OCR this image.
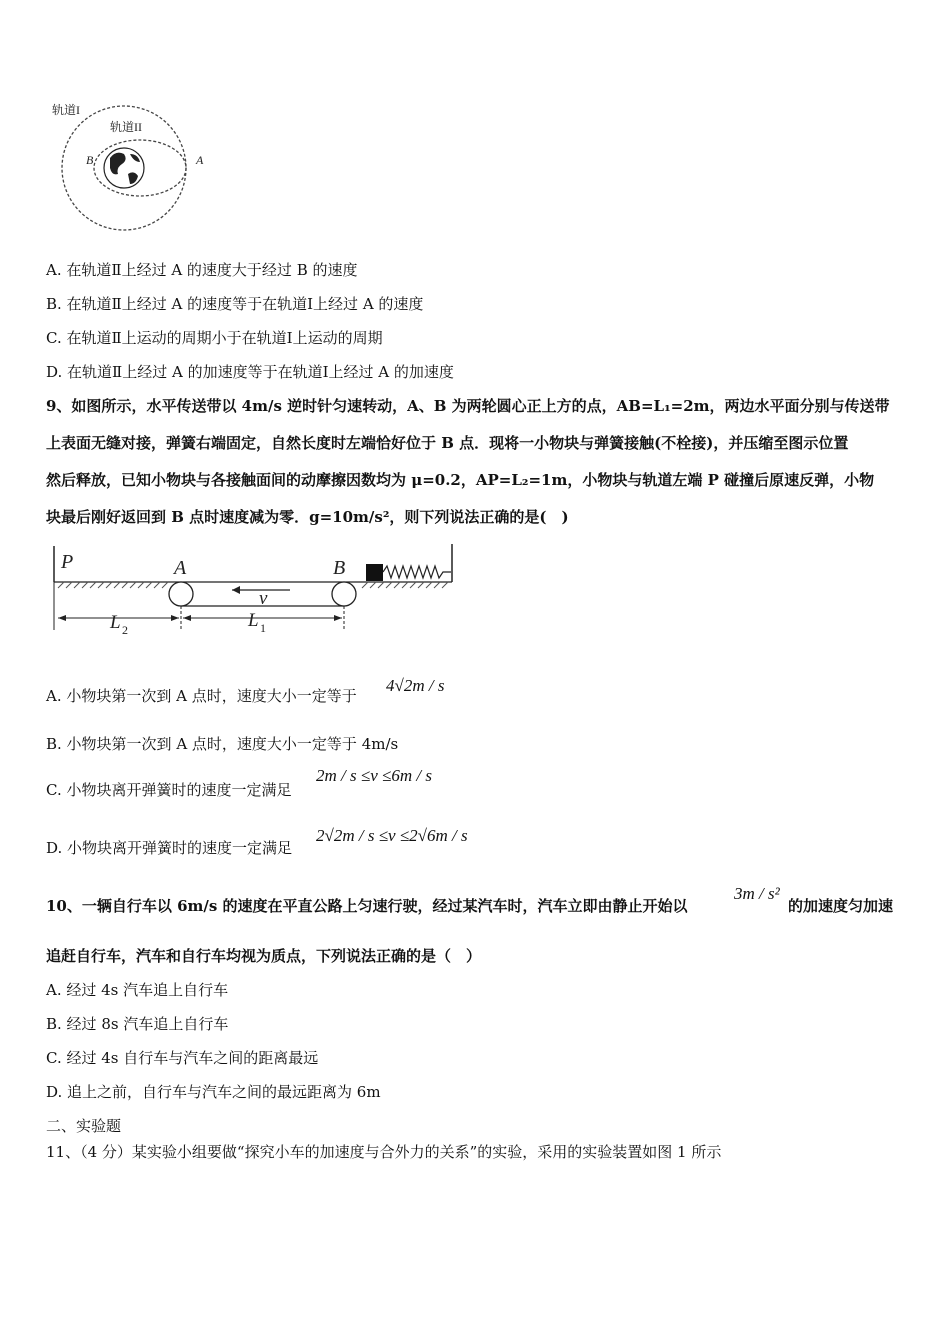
轨道I
轨道II
B	A
A. 在轨道Ⅱ上经过 A 的速度大于经过 B 的速度
B. 在轨道Ⅱ上经过 A 的速度等于在轨道Ⅰ上经过 A 的速度
C. 在轨道Ⅱ上运动的周期小于在轨道Ⅰ上运动的周期
D. 在轨道Ⅱ上经过 A 的加速度等于在轨道Ⅰ上经过 A 的加速度
9、如图所示，水平传送带以 4m/s 逆时针匀速转动，A、B 为两轮圆心正上方的点，AB=L₁=2m，两边水平面分别与传送带
上表面无缝对接，弹簧右端固定，自然长度时左端恰好位于 B 点．现将一小物块与弹簧接触(不栓接)，并压缩至图示位置
然后释放，已知小物块与各接触面间的动摩擦因数均为 μ=0.2，AP=L₂=1m，小物块与轨道左端 P 碰撞后原速反弹，小物
块最后刚好返回到 B 点时速度减为零．g=10m/s²，则下列说法正确的是(　)
P	A	B
v
L 2	L 1
A. 小物块第一次到 A 点时，速度大小一定等于
4√2m / s
B. 小物块第一次到 A 点时，速度大小一定等于 4m/s
C. 小物块离开弹簧时的速度一定满足
2m / s ≤v ≤6m / s
D. 小物块离开弹簧时的速度一定满足
2√2m / s ≤v ≤2√6m / s
10、一辆自行车以 6m/s 的速度在平直公路上匀速行驶，经过某汽车时，汽车立即由静止开始以
3m / s²
的加速度匀加速
追赶自行车，汽车和自行车均视为质点，下列说法正确的是（　）
A. 经过 4s 汽车追上自行车
B. 经过 8s 汽车追上自行车
C. 经过 4s 自行车与汽车之间的距离最远
D. 追上之前，自行车与汽车之间的最远距离为 6m
二、实验题
11、（4 分）某实验小组要做“探究小车的加速度与合外力的关系”的实验，采用的实验装置如图 1 所示
